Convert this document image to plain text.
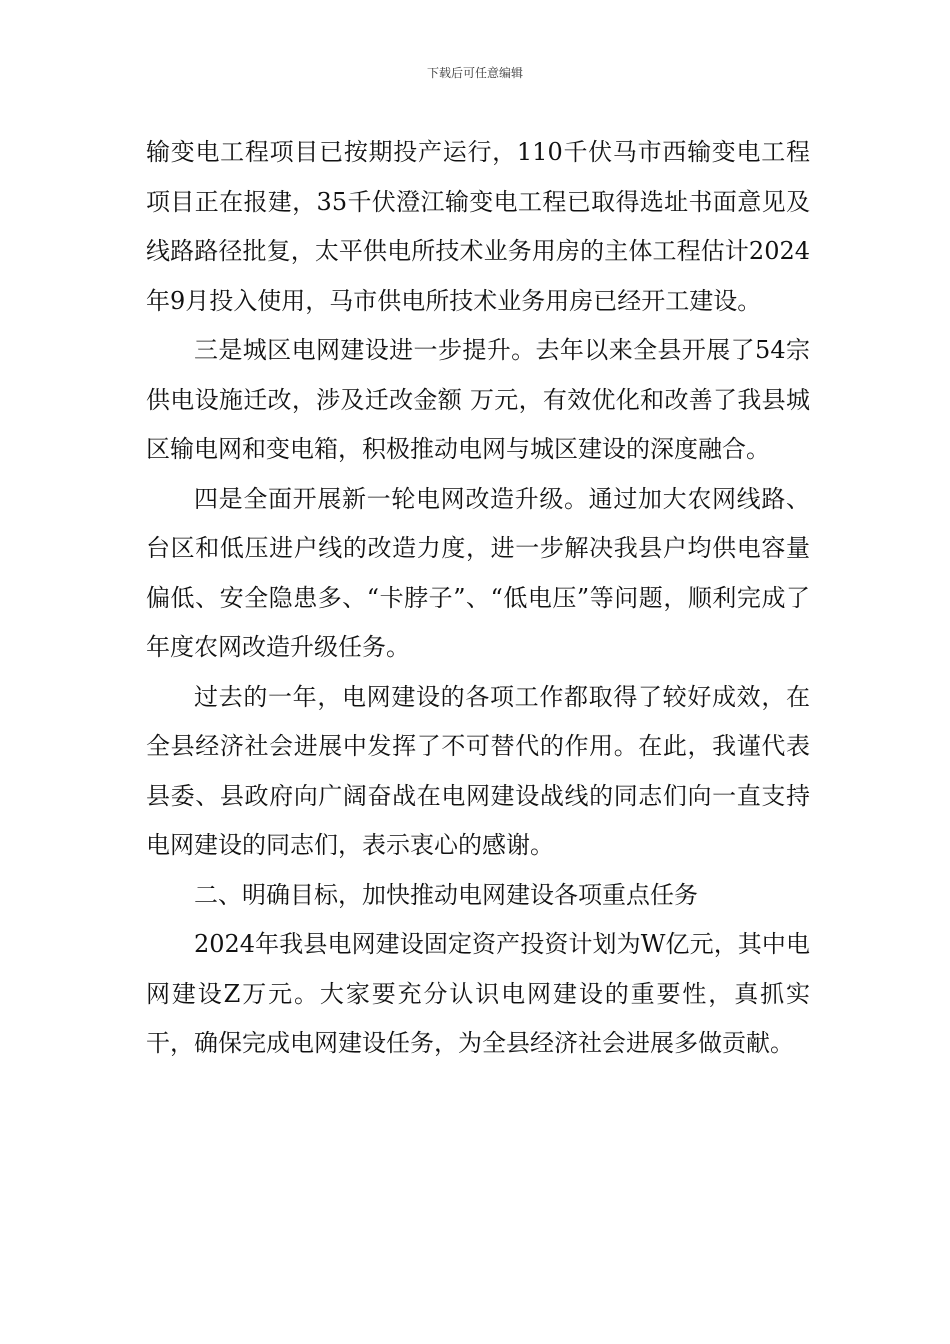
下载后可任意编辑

输变电工程项目已按期投产运行，110千伏马市西输变电工程项目正在报建，35千伏澄江输变电工程已取得选址书面意见及线路路径批复，太平供电所技术业务用房的主体工程估计2024年9月投入使用，马市供电所技术业务用房已经开工建设。

三是城区电网建设进一步提升。去年以来全县开展了54宗供电设施迁改，涉及迁改金额 万元，有效优化和改善了我县城区输电网和变电箱，积极推动电网与城区建设的深度融合。

四是全面开展新一轮电网改造升级。通过加大农网线路、台区和低压进户线的改造力度，进一步解决我县户均供电容量偏低、安全隐患多、“卡脖子”、“低电压”等问题，顺利完成了年度农网改造升级任务。

过去的一年，电网建设的各项工作都取得了较好成效，在全县经济社会进展中发挥了不可替代的作用。在此，我谨代表县委、县政府向广阔奋战在电网建设战线的同志们向一直支持电网建设的同志们，表示衷心的感谢。

二、明确目标，加快推动电网建设各项重点任务

2024年我县电网建设固定资产投资计划为W亿元，其中电网建设Z万元。大家要充分认识电网建设的重要性，真抓实干，确保完成电网建设任务，为全县经济社会进展多做贡献。
